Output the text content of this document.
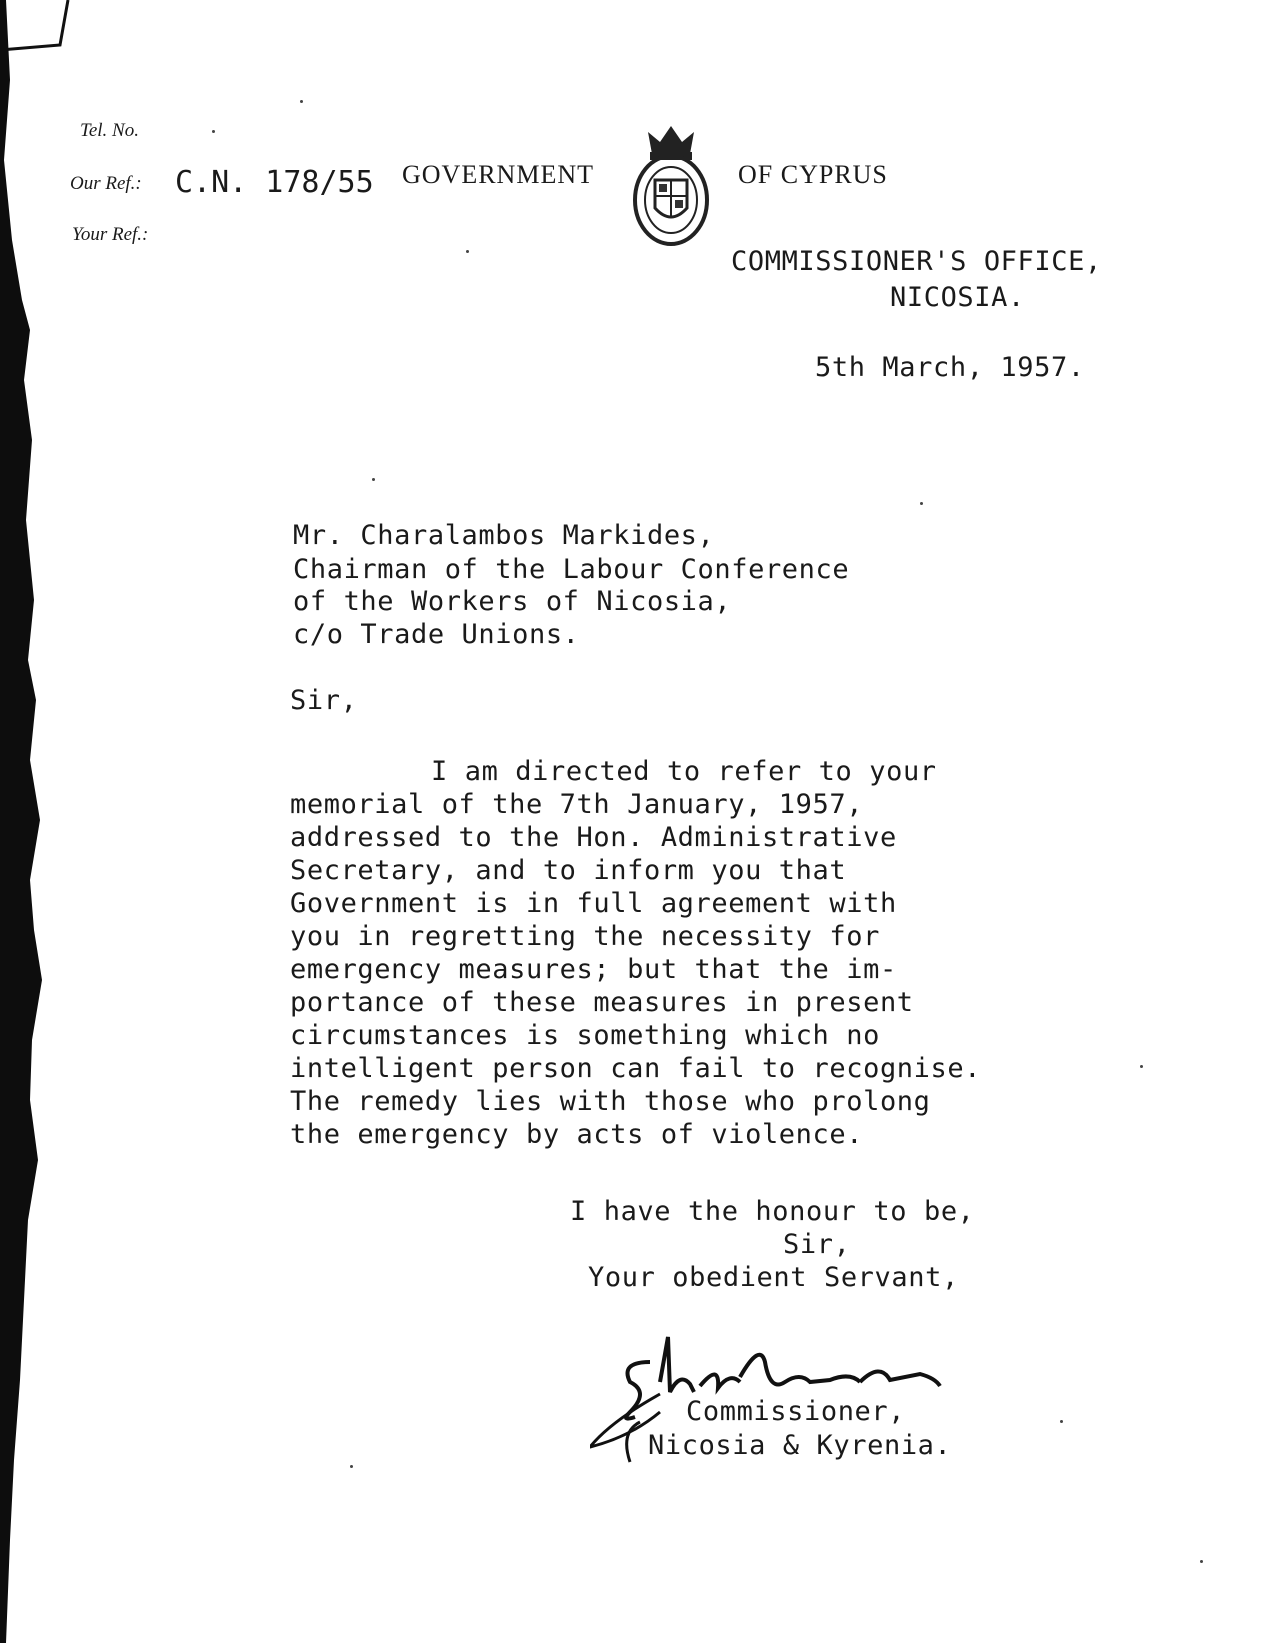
Tel. No.
Our Ref.: C.N. 178/55
Your Ref.:
GOVERNMENT	OF CYPRUS
COMMISSIONER'S OFFICE,
NICOSIA.
5th March, 1957.
Mr. Charalambos Markides,
Chairman of the Labour Conference
of the Workers of Nicosia,
c/o Trade Unions.
Sir,
I am directed to refer to your
memorial of the 7th January, 1957,
addressed to the Hon. Administrative
Secretary, and to inform you that
Government is in full agreement with
you in regretting the necessity for
emergency measures; but that the im-
portance of these measures in present
circumstances is something which no
intelligent person can fail to recognise.
The remedy lies with those who prolong
the emergency by acts of violence.
I have the honour to be,
Sir,
Your obedient Servant,
Commissioner,
Nicosia & Kyrenia.
